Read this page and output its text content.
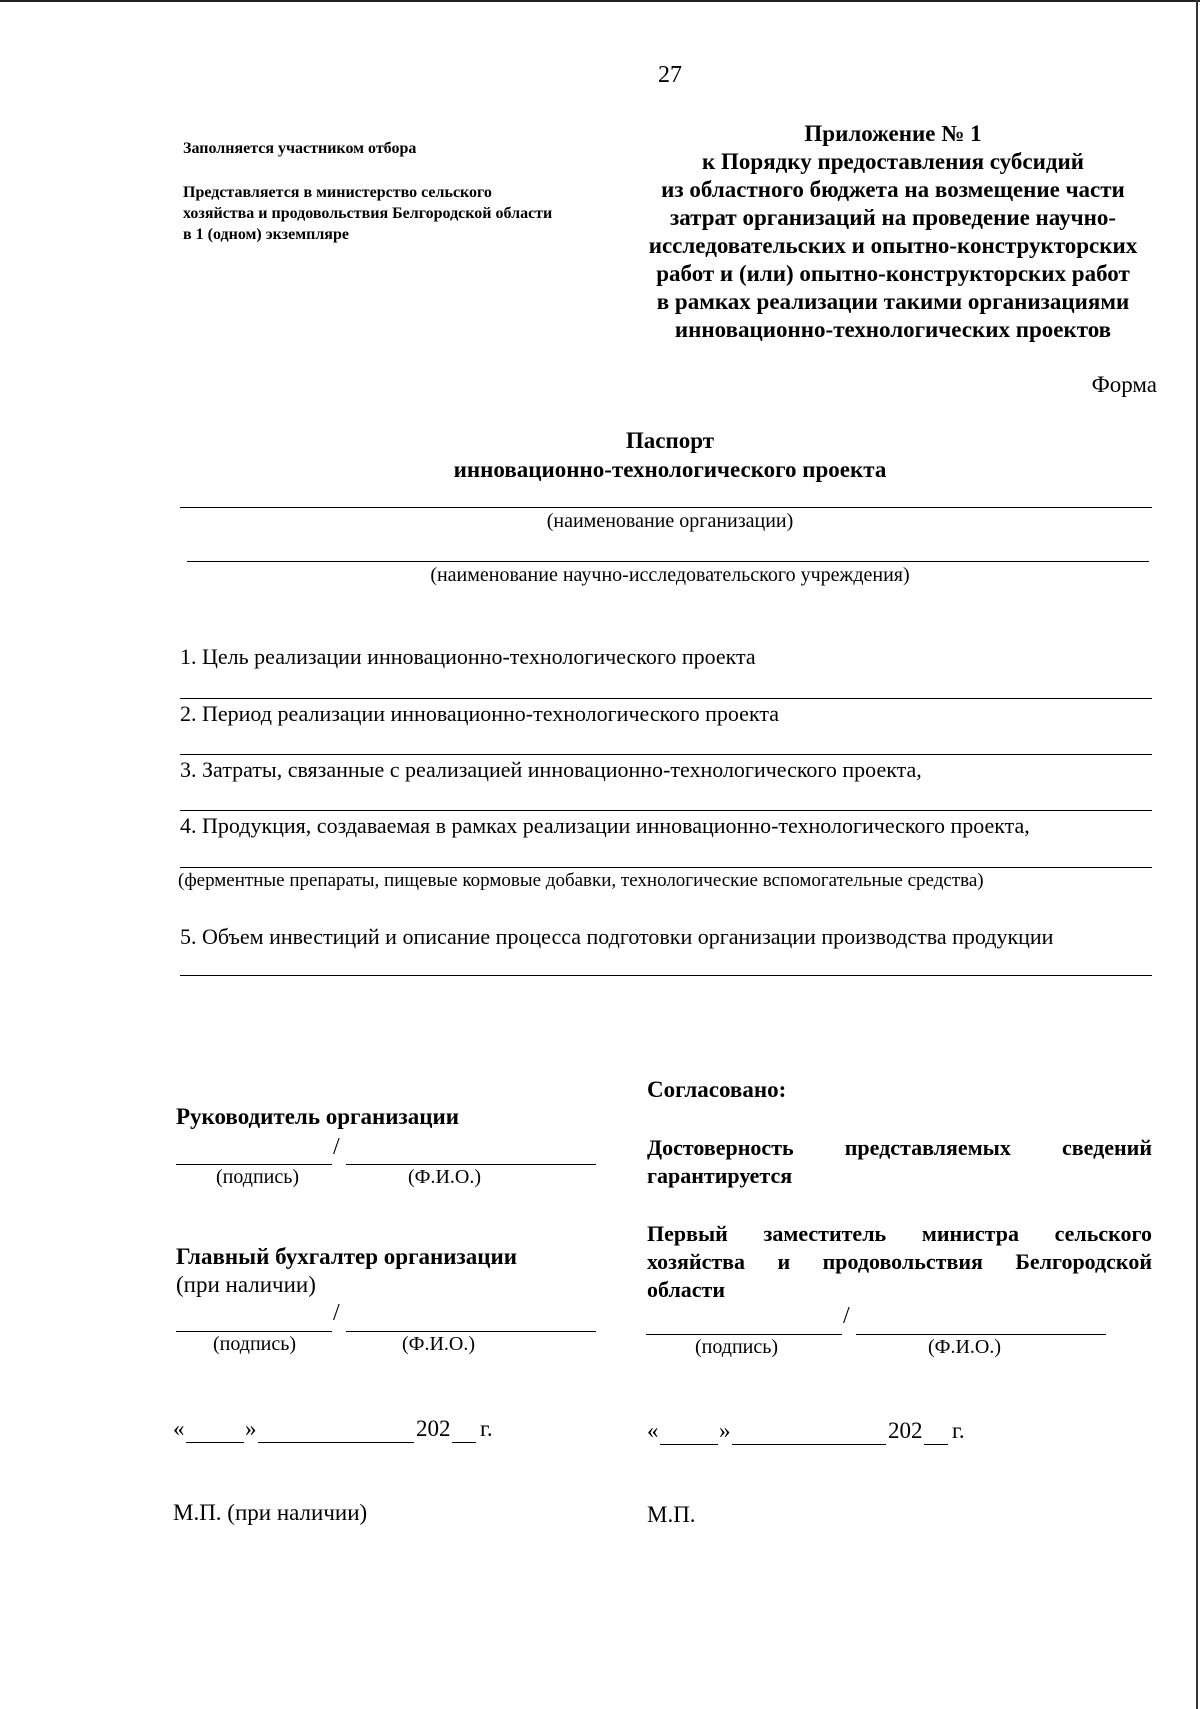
27
Заполняется участником отбора
Представляется в министерство сельского
хозяйства и продовольствия Белгородской области
в 1 (одном) экземпляре
Приложение № 1
к Порядку предоставления субсидий
из областного бюджета на возмещение части
затрат организаций на проведение научно-
исследовательских и опытно-конструкторских
работ и (или) опытно-конструкторских работ
в рамках реализации такими организациями
инновационно-технологических проектов
Форма
Паспорт
инновационно-технологического проекта
(наименование организации)
(наименование научно-исследовательского учреждения)
1. Цель реализации инновационно-технологического проекта
2. Период реализации инновационно-технологического проекта
3. Затраты, связанные с реализацией инновационно-технологического проекта,
4. Продукция, создаваемая в рамках реализации инновационно-технологического проекта,
(ферментные препараты, пищевые кормовые добавки, технологические вспомогательные средства)
5. Объем инвестиций и описание процесса подготовки организации производства продукции
Руководитель организации
/
(подпись)	(Ф.И.О.)
Главный бухгалтер организации
(при наличии)
/
(подпись)	(Ф.И.О.)
«	»	202 г.
М.П. (при наличии)
Согласовано:
Достоверность представляемых сведений
гарантируется
Первый заместитель министра сельского
хозяйства и продовольствия Белгородской
области
/
(подпись)	(Ф.И.О.)
«	»	202 г.
М.П.
